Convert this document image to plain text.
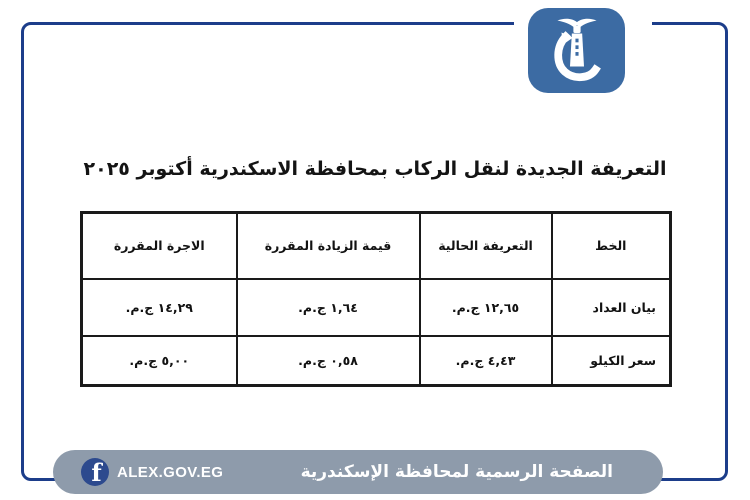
التعريفة الجديدة لنقل الركاب بمحافظة الاسكندرية أكتوبر ٢٠٢٥
الخط	التعريفة الحالية	قيمة الزيادة المقررة	الاجرة المقررة
بيان العداد	١٢,٦٥ ج.م.	١,٦٤ ج.م.	١٤,٢٩ ج.م.
سعر الكيلو	٤,٤٣ ج.م.	٠,٥٨ ج.م.	٥,٠٠ ج.م.
f ALEX.GOV.EG	الصفحة الرسمية لمحافظة الإسكندرية
